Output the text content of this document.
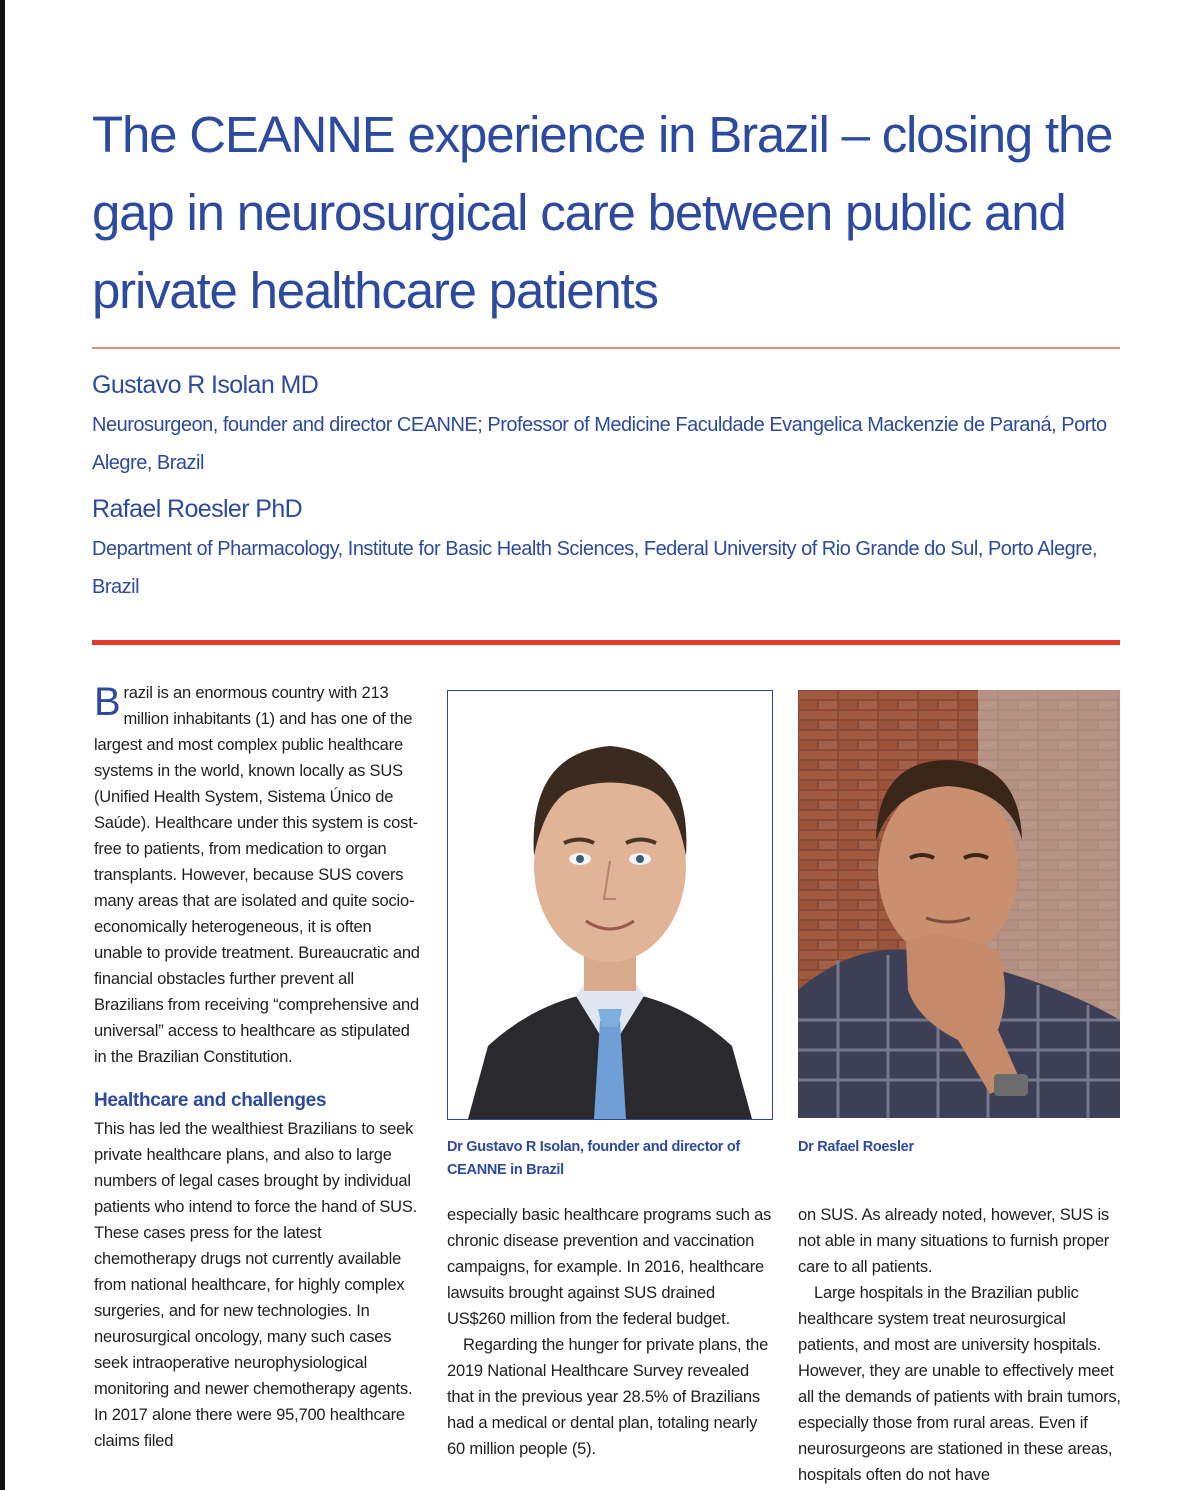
The CEANNE experience in Brazil – closing the gap in neurosurgical care between public and private healthcare patients
Gustavo R Isolan MD
Neurosurgeon, founder and director CEANNE; Professor of Medicine Faculdade Evangelica Mackenzie de Paraná, Porto Alegre, Brazil
Rafael Roesler PhD
Department of Pharmacology, Institute for Basic Health Sciences, Federal University of Rio Grande do Sul, Porto Alegre, Brazil

Brazil is an enormous country with 213 million inhabitants (1) and has one of the largest and most complex public healthcare systems in the world, known locally as SUS (Unified Health System, Sistema Único de Saúde). Healthcare under this system is cost-free to patients, from medication to organ transplants. However, because SUS covers many areas that are isolated and quite socio-economically heterogeneous, it is often unable to provide treatment. Bureaucratic and financial obstacles further prevent all Brazilians from receiving “comprehensive and universal” access to healthcare as stipulated in the Brazilian Constitution.

Healthcare and challenges

This has led the wealthiest Brazilians to seek private healthcare plans, and also to large numbers of legal cases brought by individual patients who intend to force the hand of SUS. These cases press for the latest chemotherapy drugs not currently available from national healthcare, for highly complex surgeries, and for new technologies. In neurosurgical oncology, many such cases seek intraoperative neurophysiological monitoring and newer chemotherapy agents. In 2017 alone there were 95,700 healthcare claims filed

Dr Gustavo R Isolan, founder and director of CEANNE in Brazil
Dr Rafael Roesler

especially basic healthcare programs such as chronic disease prevention and vaccination campaigns, for example. In 2016, healthcare lawsuits brought against SUS drained US$260 million from the federal budget.

Regarding the hunger for private plans, the 2019 National Healthcare Survey revealed that in the previous year 28.5% of Brazilians had a medical or dental plan, totaling nearly 60 million people (5).

on SUS. As already noted, however, SUS is not able in many situations to furnish proper care to all patients.

Large hospitals in the Brazilian public healthcare system treat neurosurgical patients, and most are university hospitals. However, they are unable to effectively meet all the demands of patients with brain tumors, especially those from rural areas. Even if neurosurgeons are stationed in these areas, hospitals often do not have
